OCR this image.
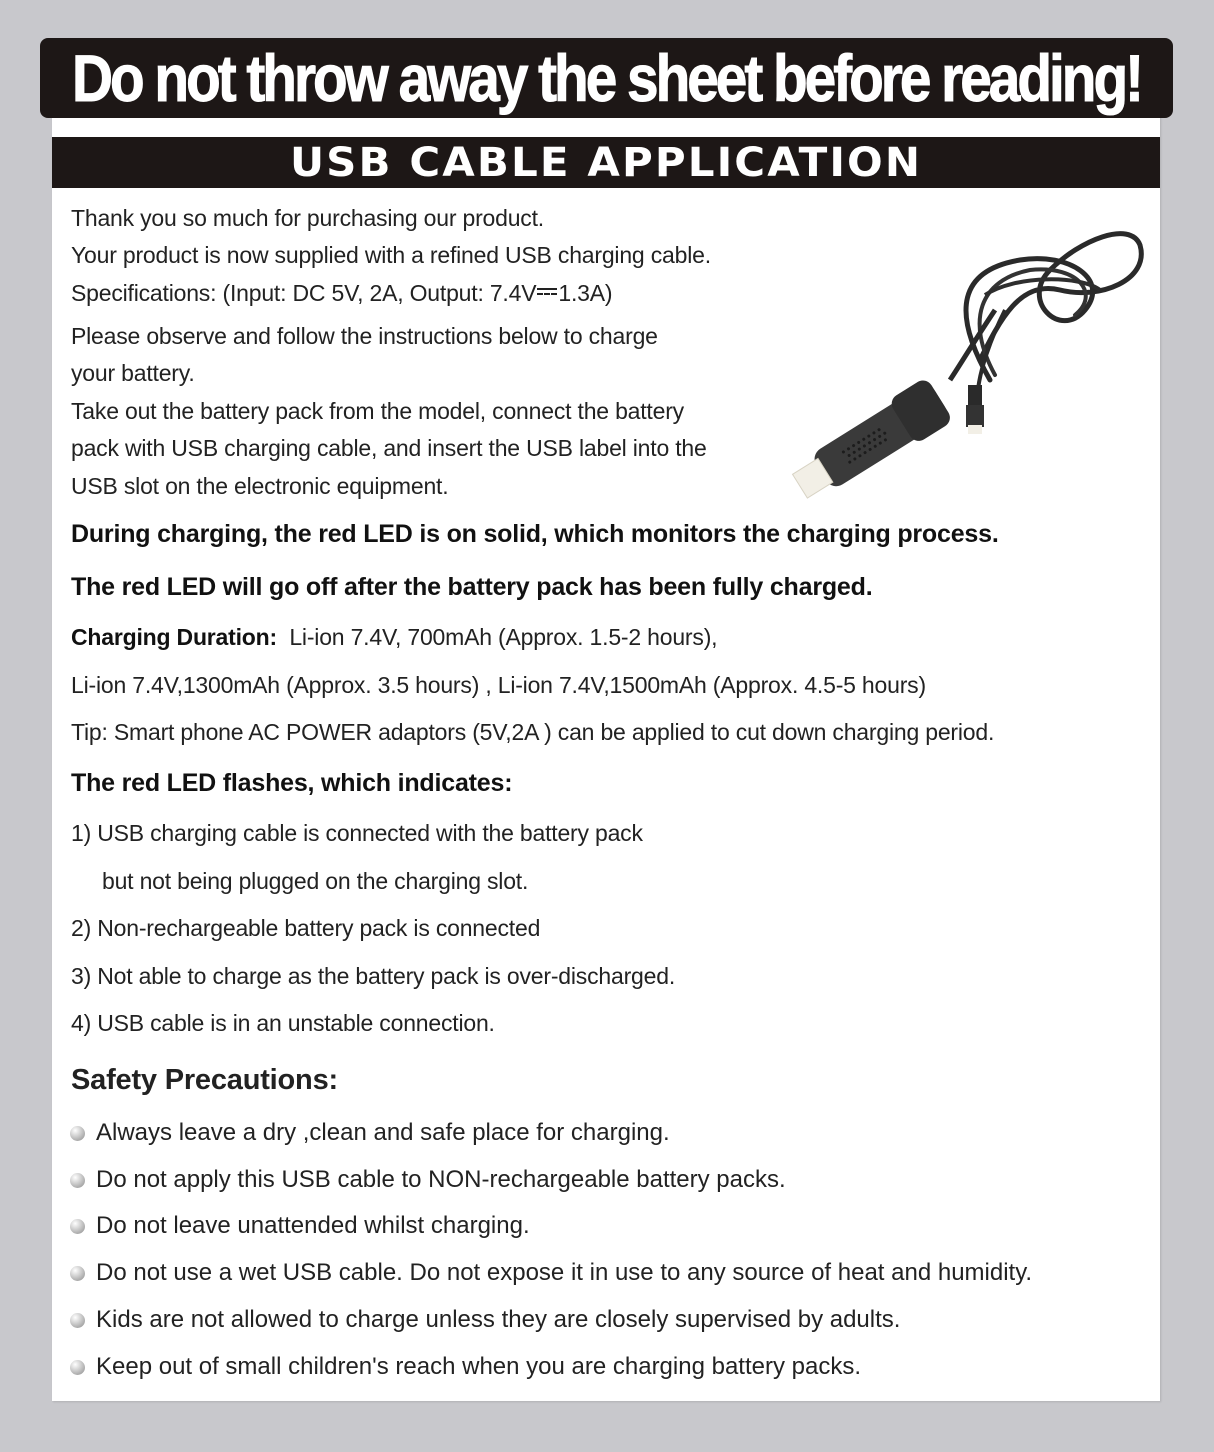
Do not throw away the sheet before reading!
USB CABLE APPLICATION
Thank you so much for purchasing our product.
Your product is now supplied with a refined USB charging cable.
Specifications: (Input: DC 5V, 2A, Output: 7.4V 1.3A)
Please observe and follow the instructions below to charge
your battery.
Take out the battery pack from the model, connect the battery
pack with USB charging cable, and insert the USB label into the
USB slot on the electronic equipment.
During charging, the red LED is on solid, which monitors the charging process.
The red LED will go off after the battery pack has been fully charged.
Charging Duration: Li-ion 7.4V, 700mAh (Approx. 1.5-2 hours),
Li-ion 7.4V,1300mAh (Approx. 3.5 hours) , Li-ion 7.4V,1500mAh (Approx. 4.5-5 hours)
Tip: Smart phone AC POWER adaptors (5V,2A ) can be applied to cut down charging period.
The red LED flashes, which indicates:
1) USB charging cable is connected with the battery pack
but not being plugged on the charging slot.
2) Non-rechargeable battery pack is connected
3) Not able to charge as the battery pack is over-discharged.
4) USB cable is in an unstable connection.
Safety Precautions:
Always leave a dry ,clean and safe place for charging.
Do not apply this USB cable to NON-rechargeable battery packs.
Do not leave unattended whilst charging.
Do not use a wet USB cable. Do not expose it in use to any source of heat and humidity.
Kids are not allowed to charge unless they are closely supervised by adults.
Keep out of small children's reach when you are charging battery packs.
